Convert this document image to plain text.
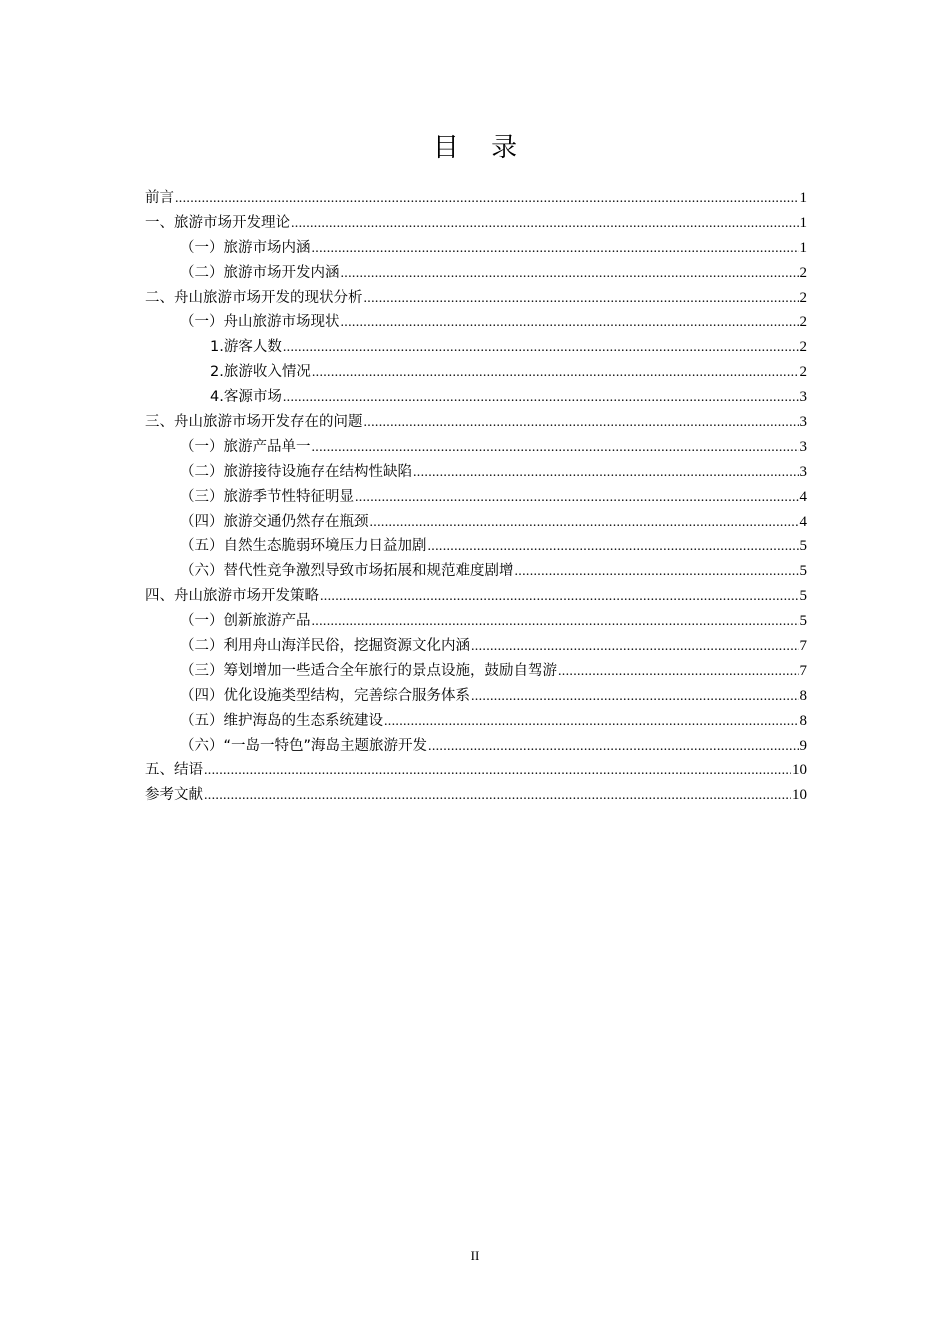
目 录
前言 .....	1
一、旅游市场开发理论 .....	1
（一）旅游市场内涵 .....	1
（二）旅游市场开发内涵 .....	2
二、舟山旅游市场开发的现状分析 .....	2
（一）舟山旅游市场现状 .....	2
1.游客人数 .....	2
2.旅游收入情况 .....	2
4.客源市场 .....	3
三、舟山旅游市场开发存在的问题 .....	3
（一）旅游产品单一 .....	3
（二）旅游接待设施存在结构性缺陷 .....	3
（三）旅游季节性特征明显 .....	4
（四）旅游交通仍然存在瓶颈 .....	4
（五）自然生态脆弱环境压力日益加剧 .....	5
（六）替代性竞争激烈导致市场拓展和规范难度剧增 .....	5
四、舟山旅游市场开发策略 .....	5
（一）创新旅游产品 .....	5
（二）利用舟山海洋民俗，挖掘资源文化内涵 .....	7
（三）筹划增加一些适合全年旅行的景点设施，鼓励自驾游 .....	7
（四）优化设施类型结构，完善综合服务体系 .....	8
（五）维护海岛的生态系统建设 .....	8
（六）“一岛一特色”海岛主题旅游开发 .....	9
五、结语 .....	10
参考文献 .....	10
II
